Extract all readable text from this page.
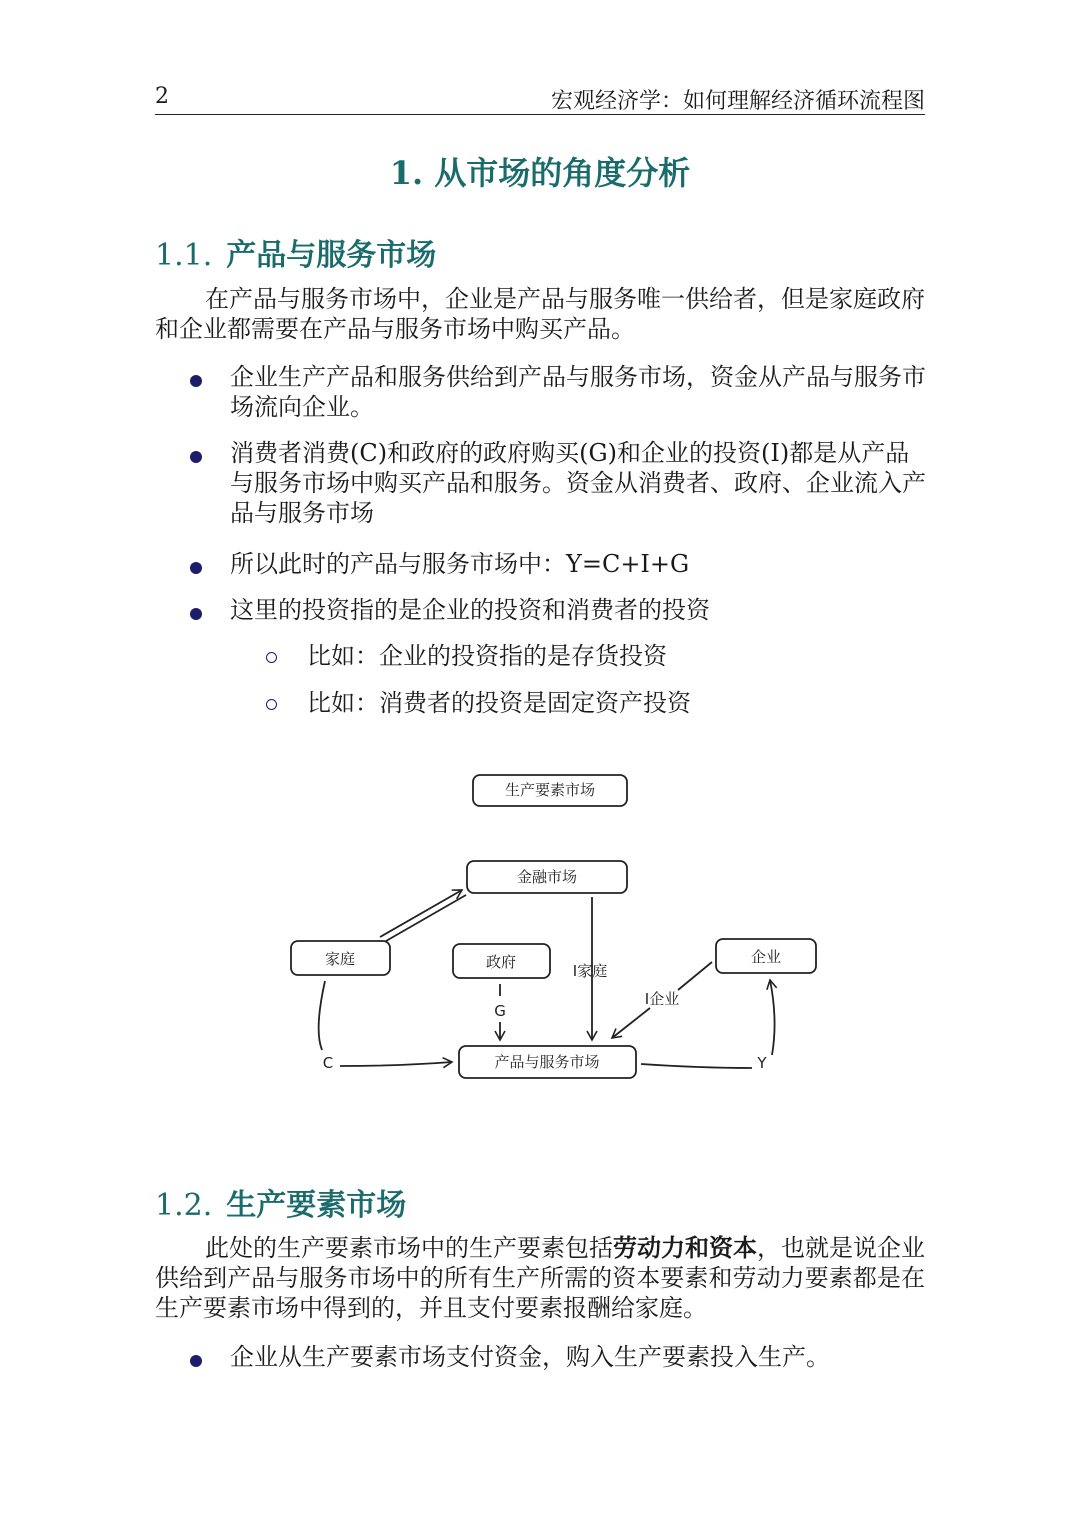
2	宏观经济学：如何理解经济循环流程图
1. 从市场的角度分析
1.1. 产品与服务市场

在产品与服务市场中，企业是产品与服务唯一供给者，但是家庭政府和企业都需要在产品与服务市场中购买产品。

企业生产产品和服务供给到产品与服务市场，资金从产品与服务市场流向企业。

消费者消费(C)和政府的政府购买(G)和企业的投资(I)都是从产品与服务市场中购买产品和服务。资金从消费者、政府、企业流入产品与服务市场

所以此时的产品与服务市场中：Y=C+I+G

这里的投资指的是企业的投资和消费者的投资

比如：企业的投资指的是存货投资

比如：消费者的投资是固定资产投资

生产要素市场
金融市场
家庭	政府	企业
产品与服务市场
G
I家庭
I企业
C	Y
1.2. 生产要素市场

此处的生产要素市场中的生产要素包括劳动力和资本，也就是说企业供给到产品与服务市场中的所有生产所需的资本要素和劳动力要素都是在生产要素市场中得到的，并且支付要素报酬给家庭。

企业从生产要素市场支付资金，购入生产要素投入生产。
